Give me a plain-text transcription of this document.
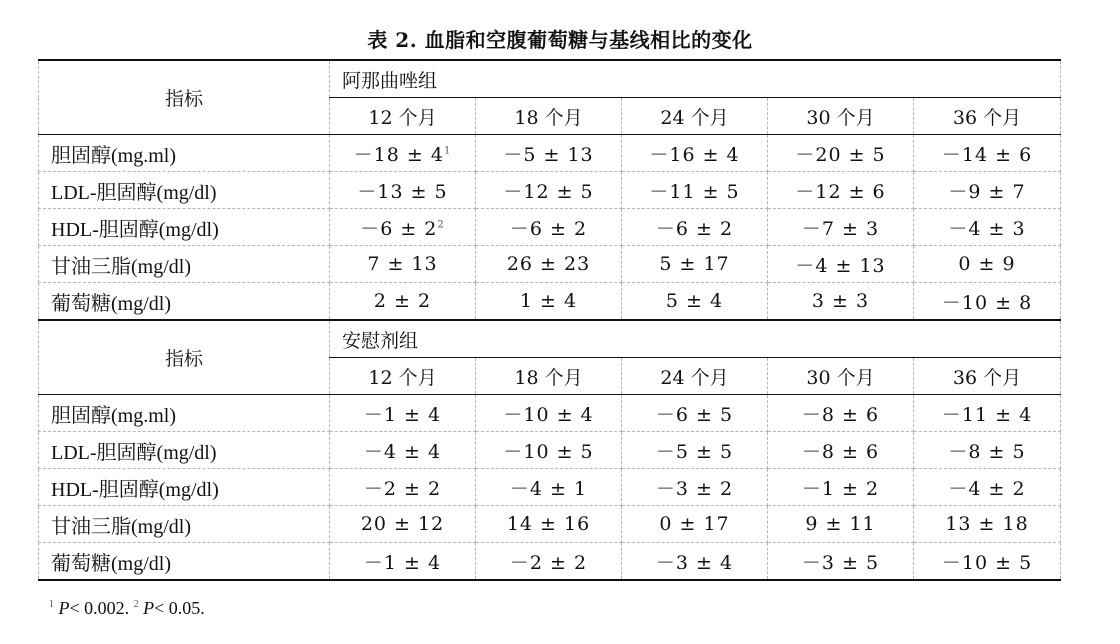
表 2. 血脂和空腹葡萄糖与基线相比的变化
指标	阿那曲唑组				
	12 个月	18 个月	24 个月	30 个月	36 个月
胆固醇(mg.ml)	$-18 \pm 4^1$	－5 ± 13	－16 ± 4	－20 ± 5	－14 ± 6
LDL-胆固醇(mg/dl)	－13 ± 5	－12 ± 5	－11 ± 5	－12 ± 6	－9 ± 7
HDL-胆固醇(mg/dl)	$-6 \pm 2^2$	－6 ± 2	－6 ± 2	－7 ± 3	－4 ± 3
甘油三脂(mg/dl)	7 ± 13	26 ± 23	5 ± 17	－4 ± 13	0 ± 9
葡萄糖(mg/dl)	2 ± 2	1 ± 4	5 ± 4	3 ± 3	－10 ± 8
指标	安慰剂组				
	12 个月	18 个月	24 个月	30 个月	36 个月
胆固醇(mg.ml)	－1 ± 4	－10 ± 4	－6 ± 5	－8 ± 6	－11 ± 4
LDL-胆固醇(mg/dl)	－4 ± 4	－10 ± 5	－5 ± 5	－8 ± 6	－8 ± 5
HDL-胆固醇(mg/dl)	－2 ± 2	－4 ± 1	－3 ± 2	－1 ± 2	－4 ± 2
甘油三脂(mg/dl)	20 ± 12	14 ± 16	0 ± 17	9 ± 11	13 ± 18
葡萄糖(mg/dl)	－1 ± 4	－2 ± 2	－3 ± 4	－3 ± 5	－10 ± 5
$^1$ P< 0.002. $^2$ P< 0.05.
